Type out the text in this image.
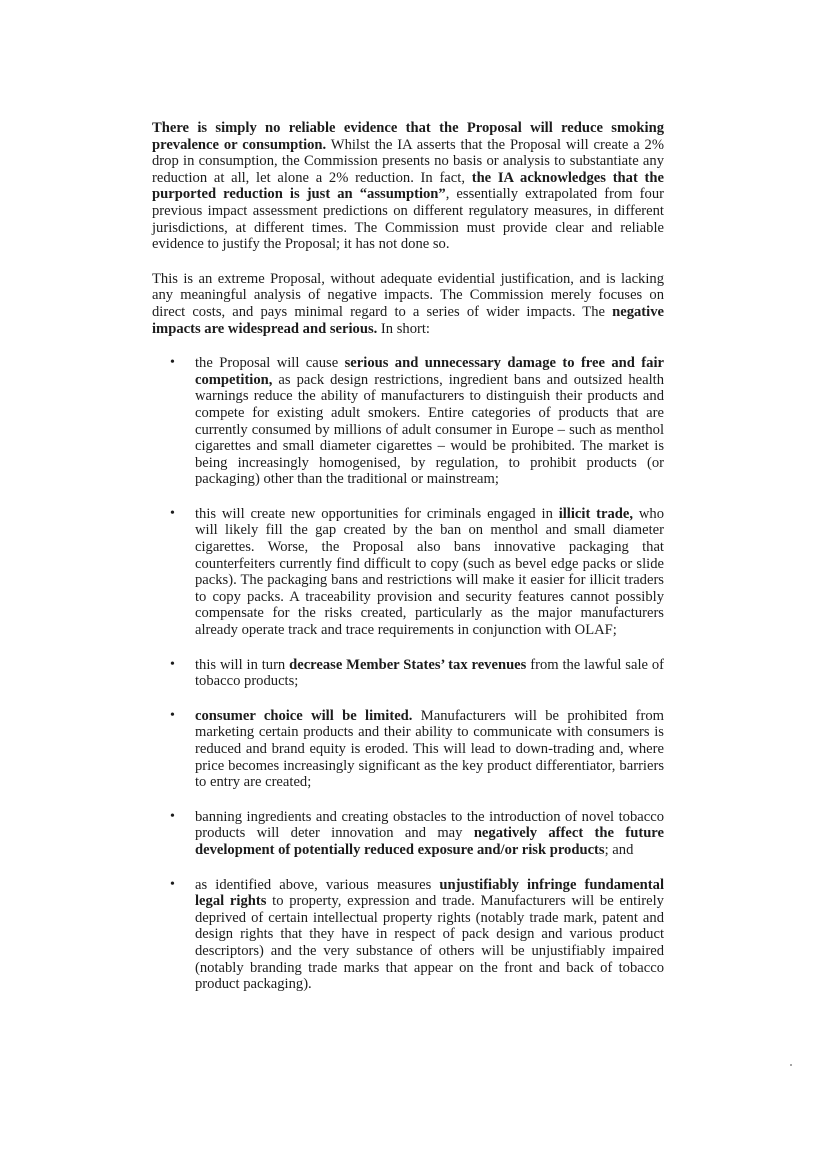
There is simply no reliable evidence that the Proposal will reduce smoking prevalence or consumption. Whilst the IA asserts that the Proposal will create a 2% drop in consumption, the Commission presents no basis or analysis to substantiate any reduction at all, let alone a 2% reduction. In fact, the IA acknowledges that the purported reduction is just an “assumption”, essentially extrapolated from four previous impact assessment predictions on different regulatory measures, in different jurisdictions, at different times. The Commission must provide clear and reliable evidence to justify the Proposal; it has not done so.

This is an extreme Proposal, without adequate evidential justification, and is lacking any meaningful analysis of negative impacts. The Commission merely focuses on direct costs, and pays minimal regard to a series of wider impacts. The negative impacts are widespread and serious. In short:

• the Proposal will cause serious and unnecessary damage to free and fair competition, as pack design restrictions, ingredient bans and outsized health warnings reduce the ability of manufacturers to distinguish their products and compete for existing adult smokers. Entire categories of products that are currently consumed by millions of adult consumer in Europe – such as menthol cigarettes and small diameter cigarettes – would be prohibited. The market is being increasingly homogenised, by regulation, to prohibit products (or packaging) other than the traditional or mainstream;
• this will create new opportunities for criminals engaged in illicit trade, who will likely fill the gap created by the ban on menthol and small diameter cigarettes. Worse, the Proposal also bans innovative packaging that counterfeiters currently find difficult to copy (such as bevel edge packs or slide packs). The packaging bans and restrictions will make it easier for illicit traders to copy packs. A traceability provision and security features cannot possibly compensate for the risks created, particularly as the major manufacturers already operate track and trace requirements in conjunction with OLAF;
• this will in turn decrease Member States’ tax revenues from the lawful sale of tobacco products;
• consumer choice will be limited. Manufacturers will be prohibited from marketing certain products and their ability to communicate with consumers is reduced and brand equity is eroded. This will lead to down-trading and, where price becomes increasingly significant as the key product differentiator, barriers to entry are created;
• banning ingredients and creating obstacles to the introduction of novel tobacco products will deter innovation and may negatively affect the future development of potentially reduced exposure and/or risk products; and
• as identified above, various measures unjustifiably infringe fundamental legal rights to property, expression and trade. Manufacturers will be entirely deprived of certain intellectual property rights (notably trade mark, patent and design rights that they have in respect of pack design and various product descriptors) and the very substance of others will be unjustifiably impaired (notably branding trade marks that appear on the front and back of tobacco product packaging).
